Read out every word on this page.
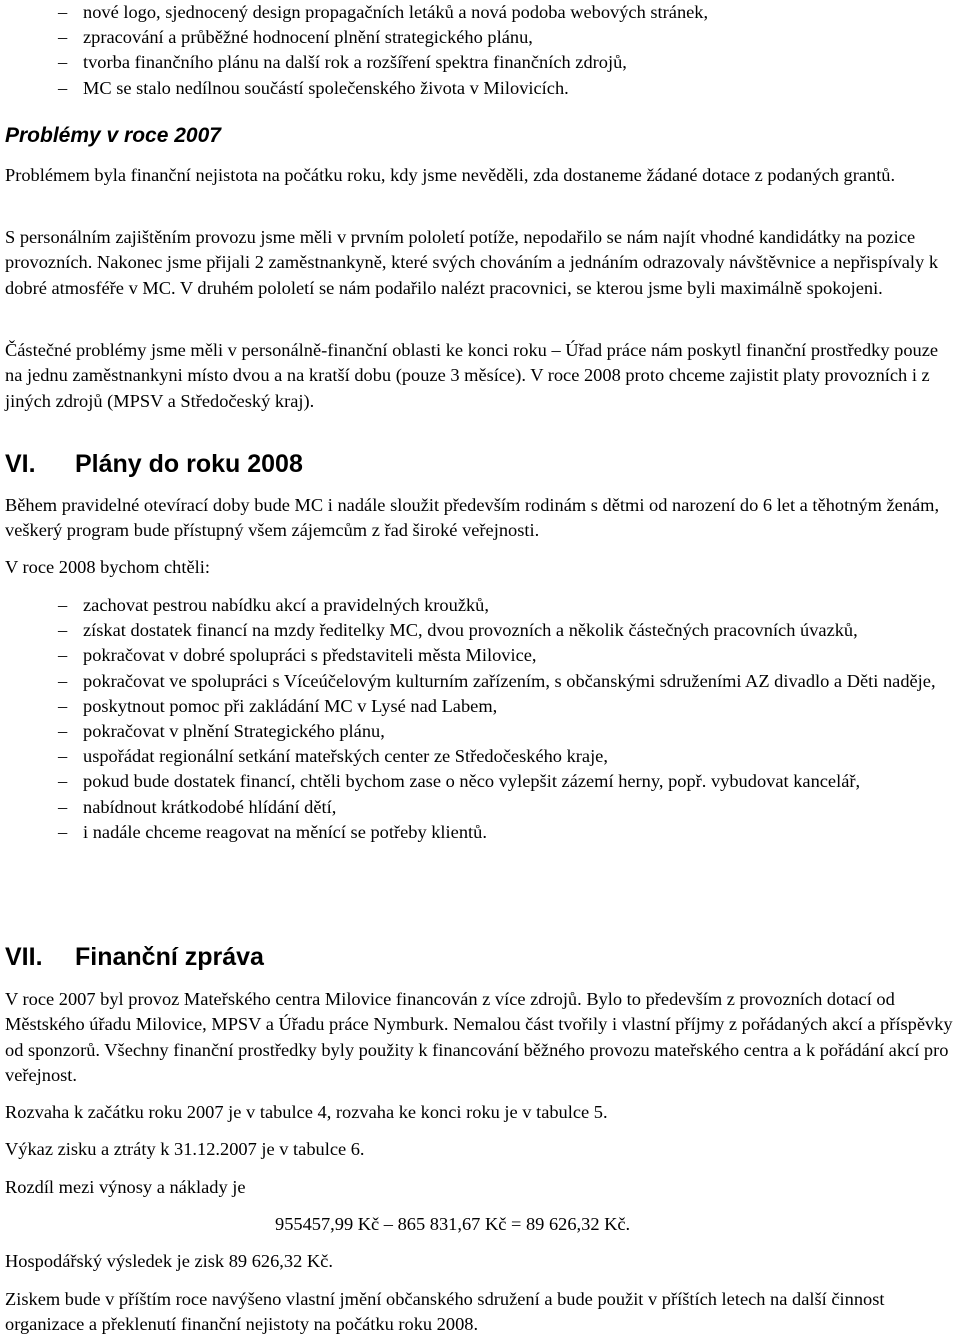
– nové logo, sjednocený design propagačních letáků a nová podoba webových stránek,
– zpracování a průběžné hodnocení plnění strategického plánu,
– tvorba finančního plánu na další rok a rozšíření spektra finančních zdrojů,
– MC se stalo nedílnou součástí společenského života v Milovicích.
Problémy v roce 2007

Problémem byla finanční nejistota na počátku roku, kdy jsme nevěděli, zda dostaneme žádané dotace z podaných grantů.

S personálním zajištěním provozu jsme měli v prvním pololetí potíže, nepodařilo se nám najít vhodné kandidátky na pozice provozních. Nakonec jsme přijali 2 zaměstnankyně, které svých chováním a jednáním odrazovaly návštěvnice a nepřispívaly k dobré atmosféře v MC. V druhém pololetí se nám podařilo nalézt pracovnici, se kterou jsme byli maximálně spokojeni.

Částečné problémy jsme měli v personálně-finanční oblasti ke konci roku – Úřad práce nám poskytl finanční prostředky pouze na jednu zaměstnankyni místo dvou a na kratší dobu (pouze 3 měsíce). V roce 2008 proto chceme zajistit platy provozních i z jiných zdrojů (MPSV a Středočeský kraj).

VI. Plány do roku 2008

Během pravidelné otevírací doby bude MC i nadále sloužit především rodinám s dětmi od narození do 6 let a těhotným ženám, veškerý program bude přístupný všem zájemcům z řad široké veřejnosti.

V roce 2008 bychom chtěli:

– zachovat pestrou nabídku akcí a pravidelných kroužků,
– získat dostatek financí na mzdy ředitelky MC, dvou provozních a několik částečných pracovních úvazků,
– pokračovat v dobré spolupráci s představiteli města Milovice,
– pokračovat ve spolupráci s Víceúčelovým kulturním zařízením, s občanskými sdruženími AZ divadlo a Děti naděje,
– poskytnout pomoc při zakládání MC v Lysé nad Labem,
– pokračovat v plnění Strategického plánu,
– uspořádat regionální setkání mateřských center ze Středočeského kraje,
– pokud bude dostatek financí, chtěli bychom zase o něco vylepšit zázemí herny, popř. vybudovat kancelář,
– nabídnout krátkodobé hlídání dětí,
– i nadále chceme reagovat na měnící se potřeby klientů.
VII. Finanční zpráva

V roce 2007 byl provoz Mateřského centra Milovice financován z více zdrojů. Bylo to především z provozních dotací od Městského úřadu Milovice, MPSV a Úřadu práce Nymburk. Nemalou část tvořily i vlastní příjmy z pořádaných akcí a příspěvky od sponzorů. Všechny finanční prostředky byly použity k financování běžného provozu mateřského centra a k pořádání akcí pro veřejnost.

Rozvaha k začátku roku 2007 je v tabulce 4, rozvaha ke konci roku je v tabulce 5.

Výkaz zisku a ztráty k 31.12.2007 je v tabulce 6.

Rozdíl mezi výnosy a náklady je

955457,99 Kč – 865 831,67 Kč = 89 626,32 Kč.

Hospodářský výsledek je zisk 89 626,32 Kč.

Ziskem bude v příštím roce navýšeno vlastní jmění občanského sdružení a bude použit v příštích letech na další činnost organizace a překlenutí finanční nejistoty na počátku roku 2008.
